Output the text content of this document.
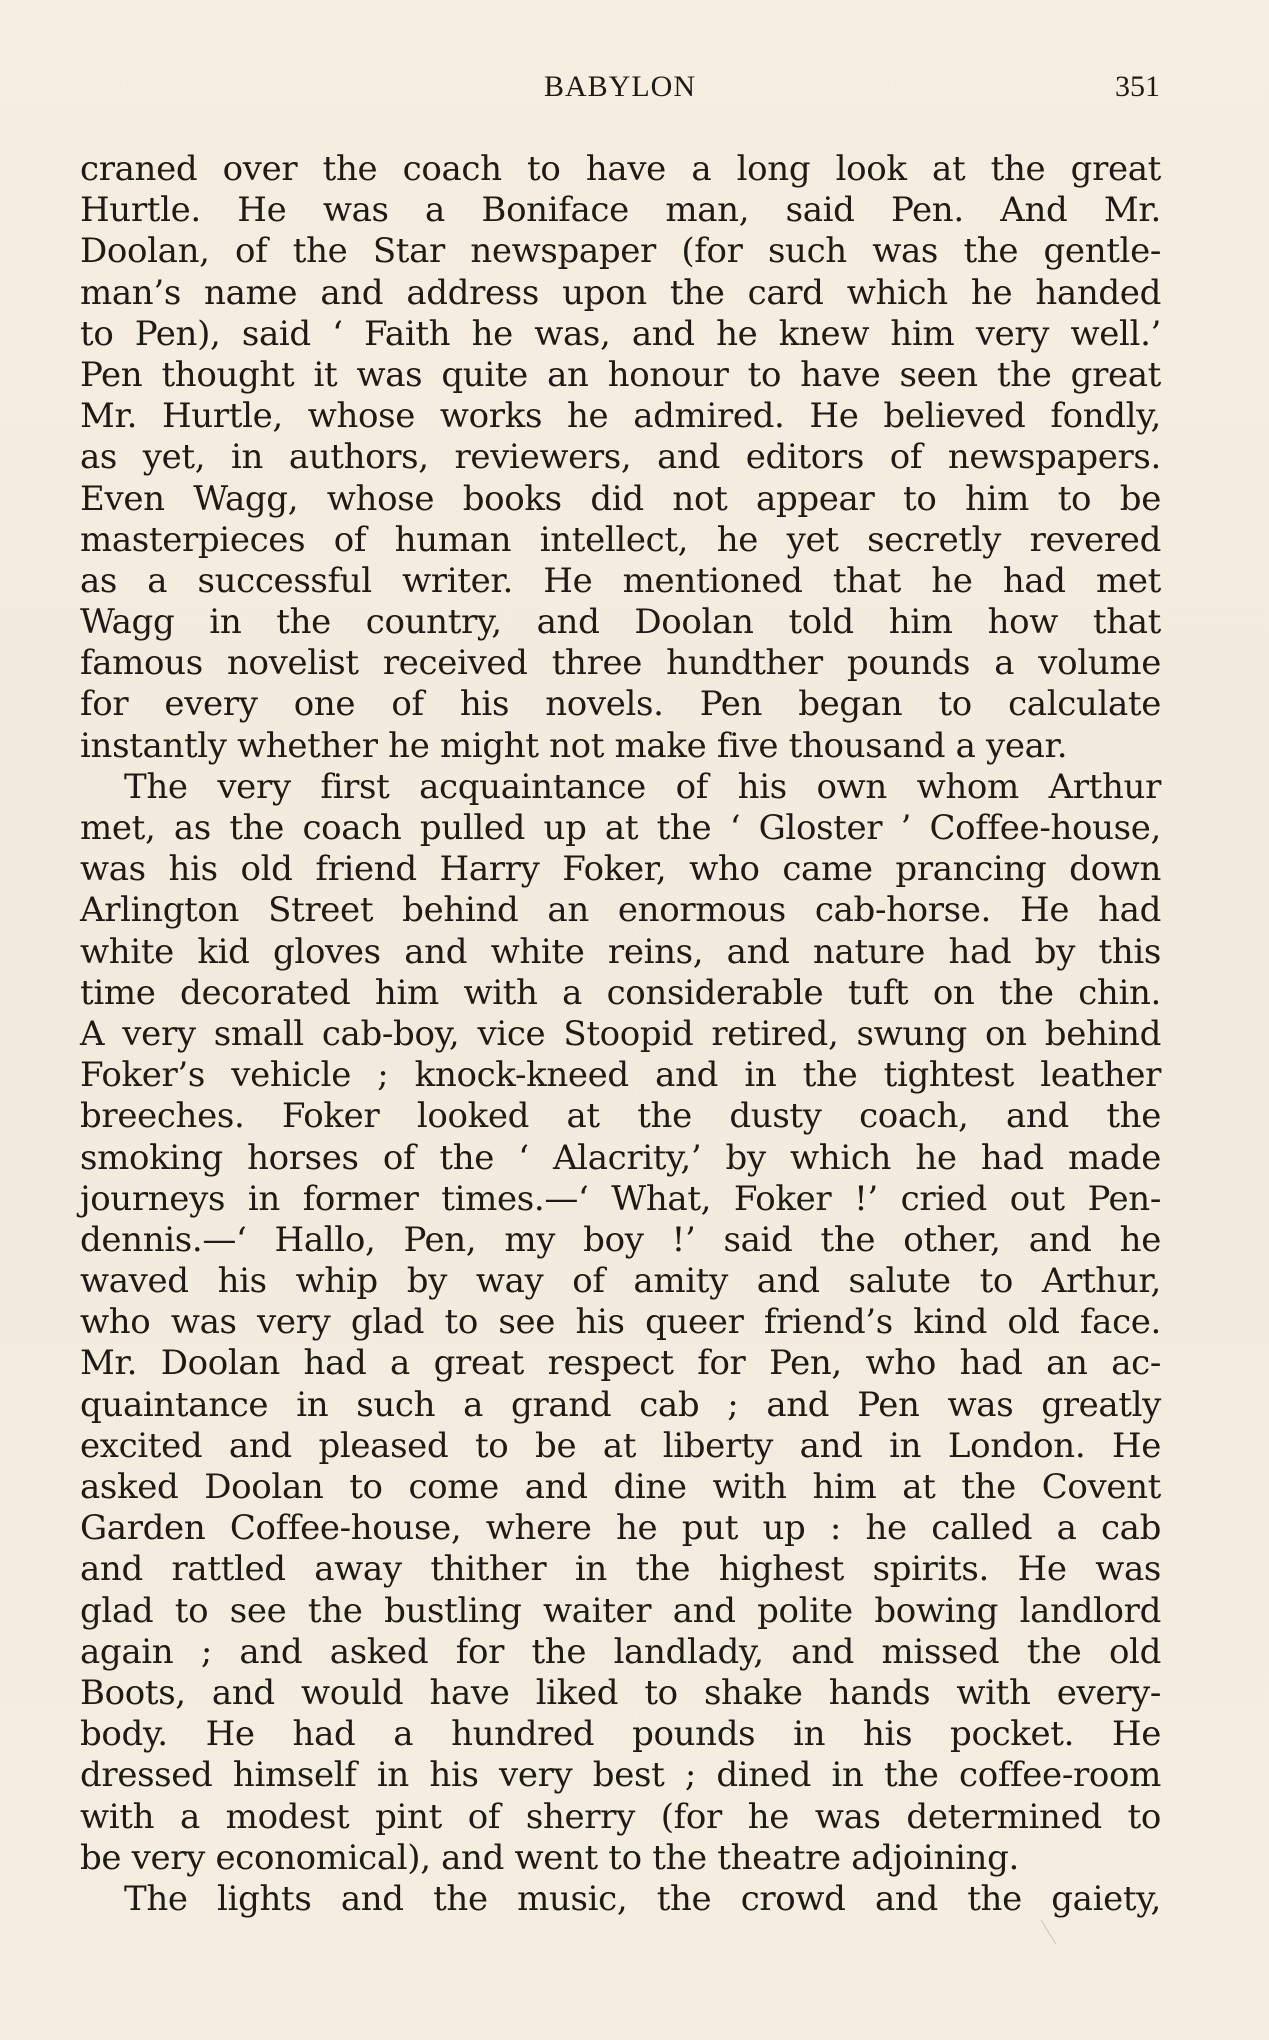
BABYLON	351
craned over the coach to have a long look at the great
Hurtle. He was a Boniface man, said Pen. And Mr.
Doolan, of the Star newspaper (for such was the gentle-
man’s name and address upon the card which he handed
to Pen), said ‘ Faith he was, and he knew him very well.’
Pen thought it was quite an honour to have seen the great
Mr. Hurtle, whose works he admired. He believed fondly,
as yet, in authors, reviewers, and editors of newspapers.
Even Wagg, whose books did not appear to him to be
masterpieces of human intellect, he yet secretly revered
as a successful writer. He mentioned that he had met
Wagg in the country, and Doolan told him how that
famous novelist received three hundther pounds a volume
for every one of his novels. Pen began to calculate
instantly whether he might not make five thousand a year.
The very first acquaintance of his own whom Arthur
met, as the coach pulled up at the ‘ Gloster ’ Coffee-house,
was his old friend Harry Foker, who came prancing down
Arlington Street behind an enormous cab-horse. He had
white kid gloves and white reins, and nature had by this
time decorated him with a considerable tuft on the chin.
A very small cab-boy, vice Stoopid retired, swung on behind
Foker’s vehicle ; knock-kneed and in the tightest leather
breeches. Foker looked at the dusty coach, and the
smoking horses of the ‘ Alacrity,’ by which he had made
journeys in former times.—‘ What, Foker !’ cried out Pen-
dennis.—‘ Hallo, Pen, my boy !’ said the other, and he
waved his whip by way of amity and salute to Arthur,
who was very glad to see his queer friend’s kind old face.
Mr. Doolan had a great respect for Pen, who had an ac-
quaintance in such a grand cab ; and Pen was greatly
excited and pleased to be at liberty and in London. He
asked Doolan to come and dine with him at the Covent
Garden Coffee-house, where he put up : he called a cab
and rattled away thither in the highest spirits. He was
glad to see the bustling waiter and polite bowing landlord
again ; and asked for the landlady, and missed the old
Boots, and would have liked to shake hands with every-
body. He had a hundred pounds in his pocket. He
dressed himself in his very best ; dined in the coffee-room
with a modest pint of sherry (for he was determined to
be very economical), and went to the theatre adjoining.
The lights and the music, the crowd and the gaiety,
